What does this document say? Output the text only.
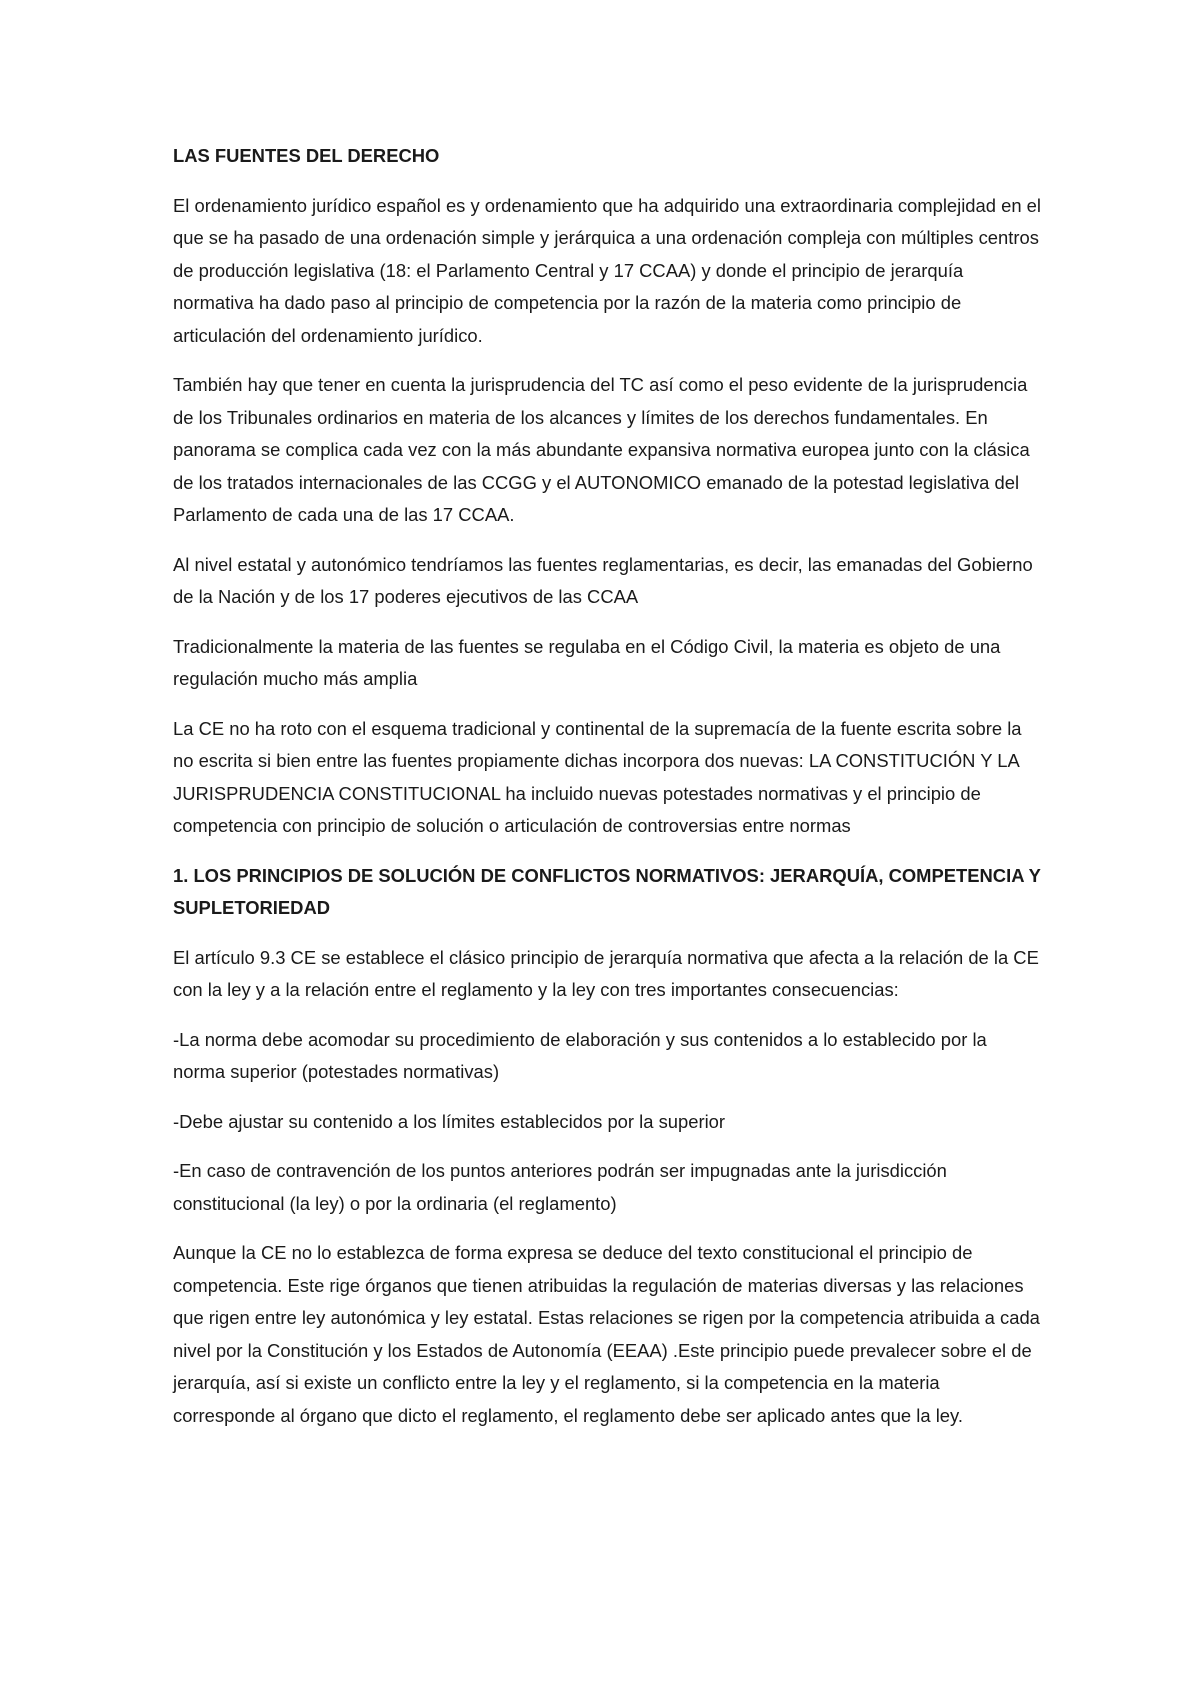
LAS FUENTES DEL DERECHO

El ordenamiento jurídico español es y ordenamiento que ha adquirido una extraordinaria complejidad en el que se ha pasado de una ordenación simple y jerárquica a una ordenación compleja con múltiples centros de producción legislativa (18: el Parlamento Central y 17 CCAA) y donde el principio de jerarquía normativa ha dado paso al principio de competencia por la razón de la materia como principio de articulación del ordenamiento jurídico.

También hay que tener en cuenta la jurisprudencia del TC así como el peso evidente de la jurisprudencia de los Tribunales ordinarios en materia de los alcances y límites de los derechos fundamentales. En panorama se complica cada vez con la más abundante expansiva normativa europea junto con la clásica de los tratados internacionales de las CCGG y el AUTONOMICO emanado de la potestad legislativa del Parlamento de cada una de las 17 CCAA.

Al nivel estatal y autonómico tendríamos las fuentes reglamentarias, es decir, las emanadas del Gobierno de la Nación y de los 17 poderes ejecutivos de las CCAA

Tradicionalmente la materia de las fuentes se regulaba en el Código Civil, la materia es objeto de una regulación mucho más amplia

La CE no ha roto con el esquema tradicional y continental de la supremacía de la fuente escrita sobre la no escrita si bien entre las fuentes propiamente dichas incorpora dos nuevas: LA CONSTITUCIÓN Y LA JURISPRUDENCIA CONSTITUCIONAL ha incluido nuevas potestades normativas y el principio de competencia con principio de solución o articulación de controversias entre normas

1. LOS PRINCIPIOS DE SOLUCIÓN DE CONFLICTOS NORMATIVOS: JERARQUÍA, COMPETENCIA Y SUPLETORIEDAD

El artículo 9.3 CE se establece el clásico principio de jerarquía normativa que afecta a la relación de la CE con la ley y a la relación entre el reglamento y la ley con tres importantes consecuencias:

-La norma debe acomodar su procedimiento de elaboración y sus contenidos a lo establecido por la norma superior (potestades normativas)

-Debe ajustar su contenido a los límites establecidos por la superior

-En caso de contravención de los puntos anteriores podrán ser impugnadas ante la jurisdicción constitucional (la ley) o por la ordinaria (el reglamento)

Aunque la CE no lo establezca de forma expresa se deduce del texto constitucional el principio de competencia. Este rige órganos que tienen atribuidas la regulación de materias diversas y las relaciones que rigen entre ley autonómica y ley estatal. Estas relaciones se rigen por la competencia atribuida a cada nivel por la Constitución y los Estados de Autonomía (EEAA) .Este principio puede prevalecer sobre el de jerarquía, así si existe un conflicto entre la ley y el reglamento, si la competencia en la materia corresponde al órgano que dicto el reglamento, el reglamento debe ser aplicado antes que la ley.
